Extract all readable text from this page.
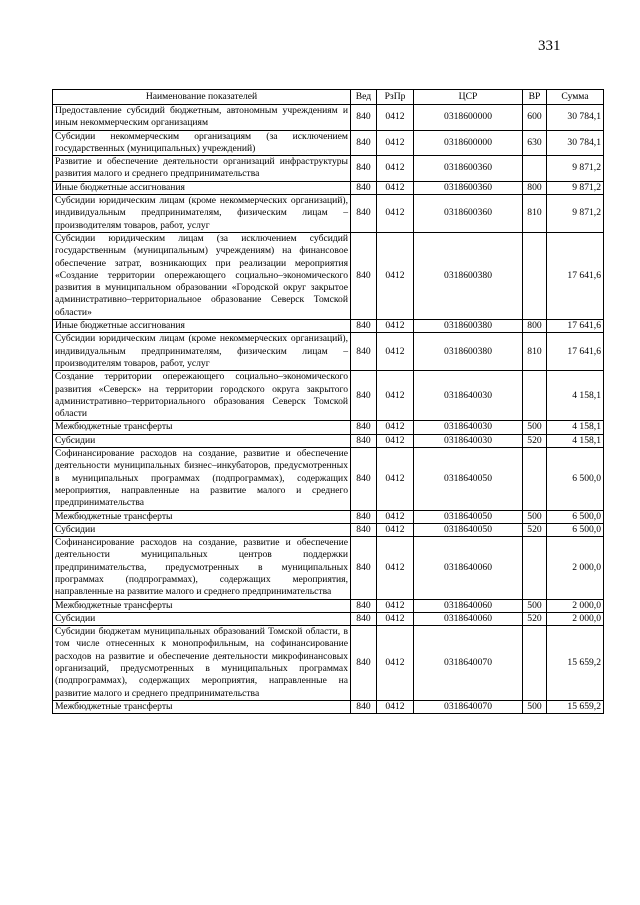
331
Наименование показателей	Вед	РзПр	ЦСР	ВР	Сумма
Предоставление субсидий бюджетным, автономным учреждениям и иным некоммерческим организациям	840	0412	0318600000	600	30 784,1
Субсидии некоммерческим организациям (за исключением государственных (муниципальных) учреждений)	840	0412	0318600000	630	30 784,1
Развитие и обеспечение деятельности организаций инфраструктуры развития малого и среднего предпринимательства	840	0412	0318600360		9 871,2
Иные бюджетные ассигнования	840	0412	0318600360	800	9 871,2
Субсидии юридическим лицам (кроме некоммерческих организаций), индивидуальным предпринимателям, физическим лицам – производителям товаров, работ, услуг	840	0412	0318600360	810	9 871,2
Субсидии юридическим лицам (за исключением субсидий государственным (муниципальным) учреждениям) на финансовое обеспечение затрат, возникающих при реализации мероприятия «Создание территории опережающего социально–экономического развития в муниципальном образовании «Городской округ закрытое административно–территориальное образование Северск Томской области»	840	0412	0318600380		17 641,6
Иные бюджетные ассигнования	840	0412	0318600380	800	17 641,6
Субсидии юридическим лицам (кроме некоммерческих организаций), индивидуальным предпринимателям, физическим лицам – производителям товаров, работ, услуг	840	0412	0318600380	810	17 641,6
Создание территории опережающего социально–экономического развития «Северск» на территории городского округа закрытого административно–территориального образования Северск Томской области	840	0412	0318640030		4 158,1
Межбюджетные трансферты	840	0412	0318640030	500	4 158,1
Субсидии	840	0412	0318640030	520	4 158,1
Софинансирование расходов на создание, развитие и обеспечение деятельности муниципальных бизнес–инкубаторов, предусмотренных в муниципальных программах (подпрограммах), содержащих мероприятия, направленные на развитие малого и среднего предпринимательства	840	0412	0318640050		6 500,0
Межбюджетные трансферты	840	0412	0318640050	500	6 500,0
Субсидии	840	0412	0318640050	520	6 500,0
Софинансирование расходов на создание, развитие и обеспечение деятельности муниципальных центров поддержки предпринимательства, предусмотренных в муниципальных программах (подпрограммах), содержащих мероприятия, направленные на развитие малого и среднего предпринимательства	840	0412	0318640060		2 000,0
Межбюджетные трансферты	840	0412	0318640060	500	2 000,0
Субсидии	840	0412	0318640060	520	2 000,0
Субсидии бюджетам муниципальных образований Томской области, в том числе отнесенных к монопрофильным, на софинансирование расходов на развитие и обеспечение деятельности микрофинансовых организаций, предусмотренных в муниципальных программах (подпрограммах), содержащих мероприятия, направленные на развитие малого и среднего предпринимательства	840	0412	0318640070		15 659,2
Межбюджетные трансферты	840	0412	0318640070	500	15 659,2
